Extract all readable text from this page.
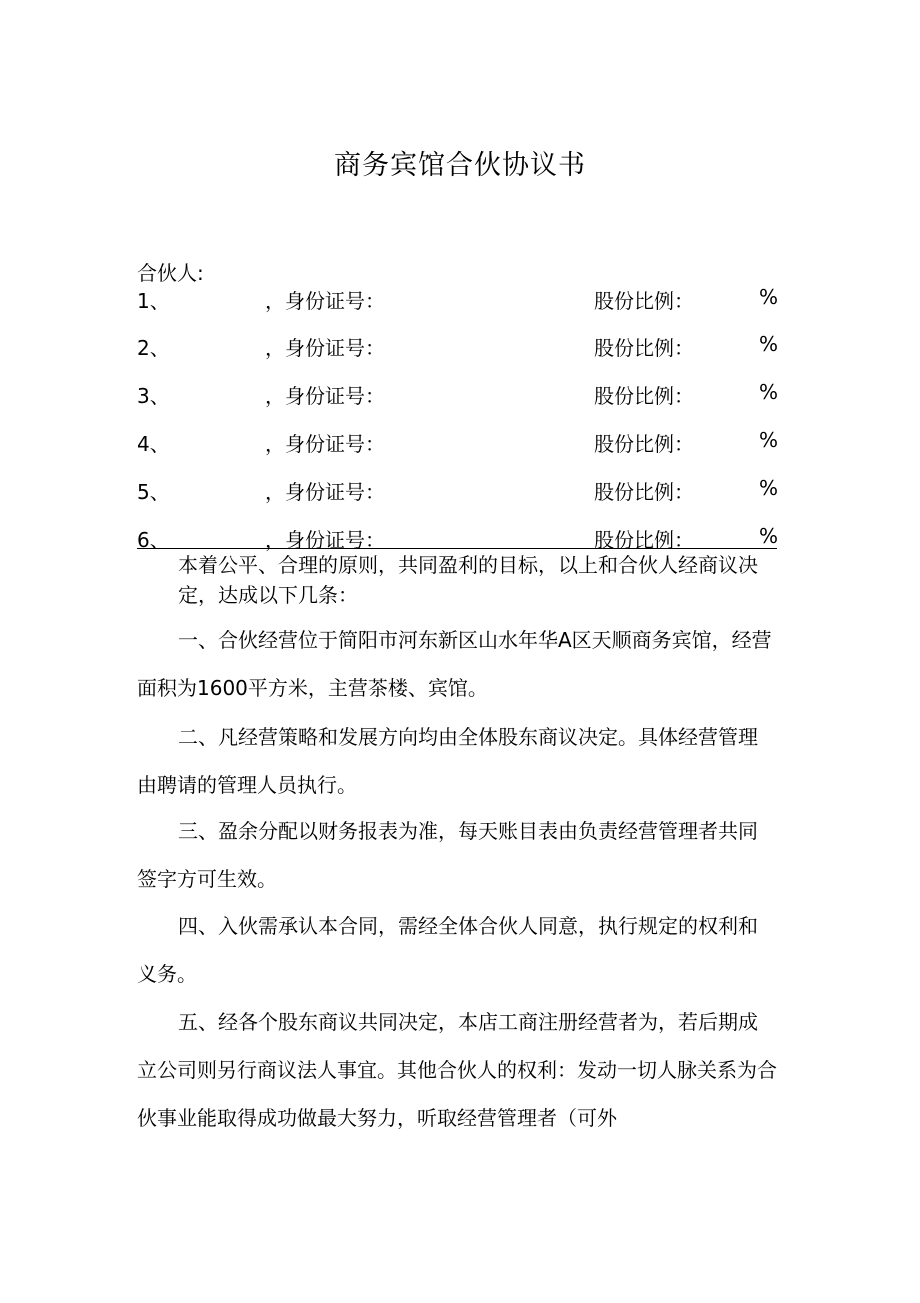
商务宾馆合伙协议书
合伙人:
1、	，身份证号：	股份比例：	%
2、	，身份证号：	股份比例：	%
3、	，身份证号：	股份比例：	%
4、	，身份证号：	股份比例：	%
5、	，身份证号：	股份比例：	%
6、	，身份证号：	股份比例：	%

本着公平、合理的原则，共同盈利的目标，以上和合伙人经商议决定，达成以下几条：

一、合伙经营位于简阳市河东新区山水年华A区天顺商务宾馆，经营面积为1600平方米，主营茶楼、宾馆。

二、凡经营策略和发展方向均由全体股东商议决定。具体经营管理由聘请的管理人员执行。

三、盈余分配以财务报表为准，每天账目表由负责经营管理者共同签字方可生效。

四、入伙需承认本合同，需经全体合伙人同意，执行规定的权利和义务。

五、经各个股东商议共同决定，本店工商注册经营者为，若后期成立公司则另行商议法人事宜。其他合伙人的权利：发动一切人脉关系为合伙事业能取得成功做最大努力，听取经营管理者（可外
